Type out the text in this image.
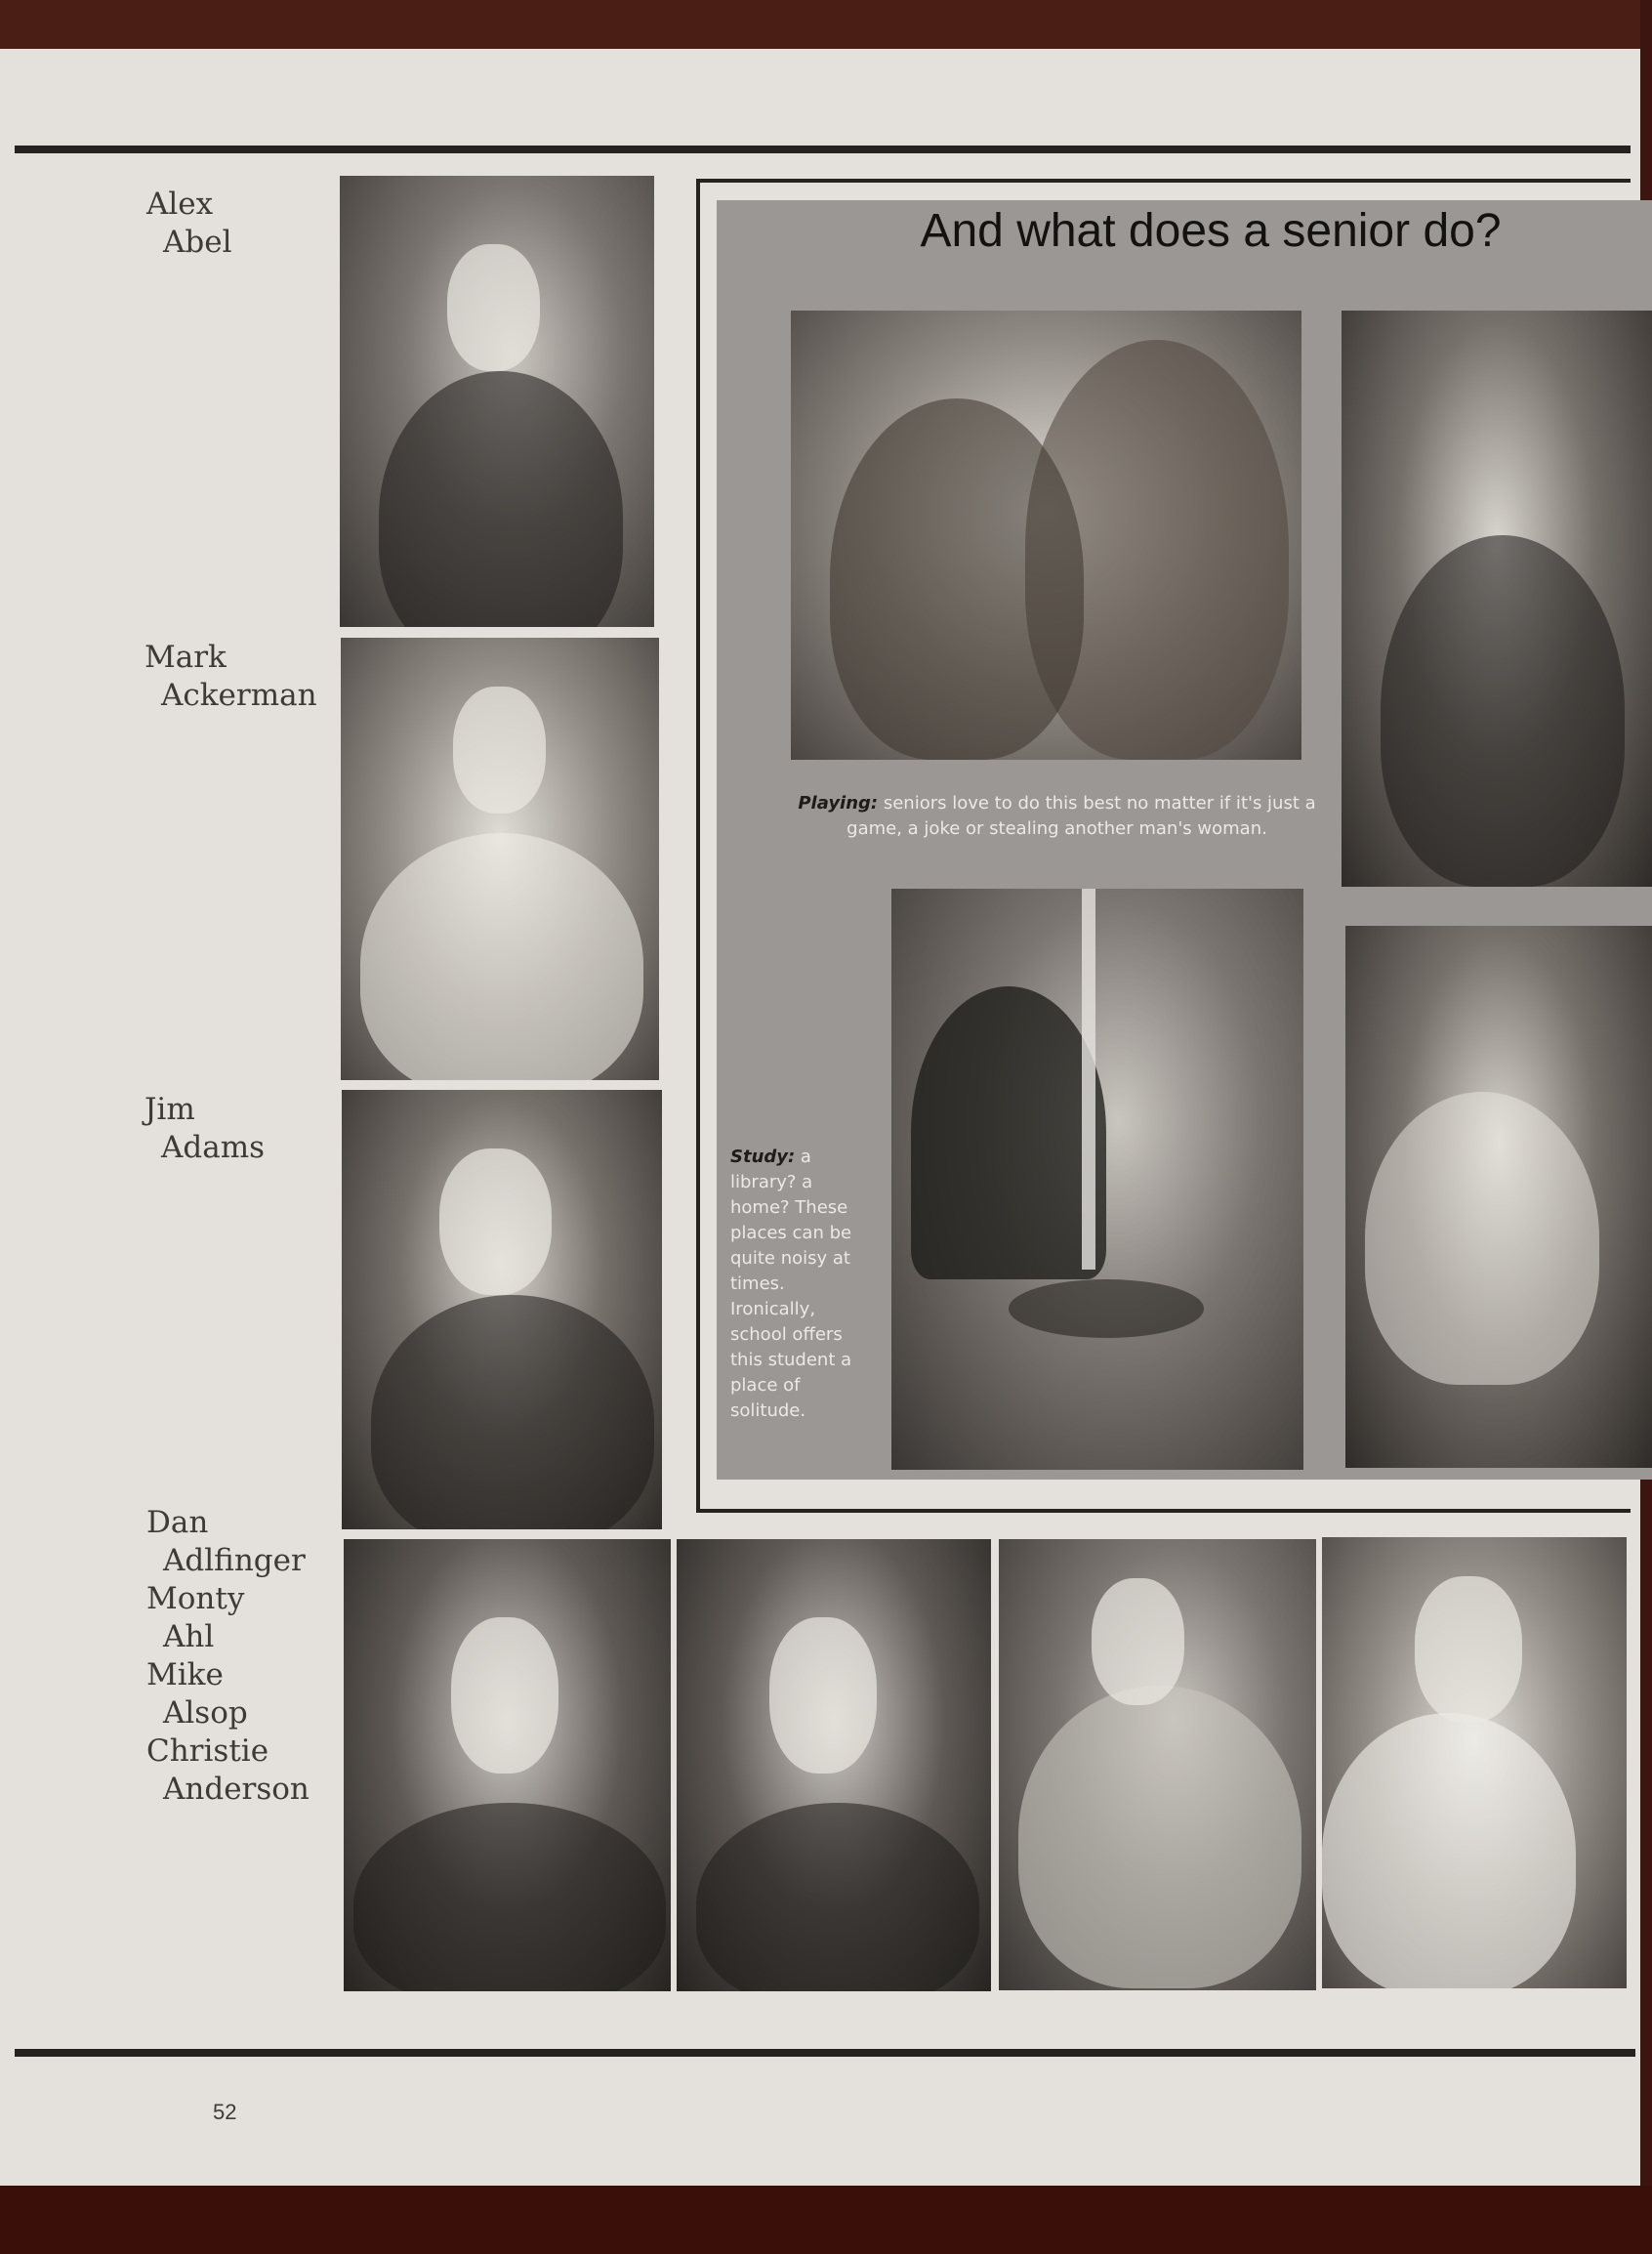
Alex
Abel
Mark
Ackerman
Jim
Adams
Dan
Adlfinger
Monty
Ahl
Mike
Alsop
Christie
Anderson
And what does a senior do?
Playing: seniors love to do this best no matter if it's just a game, a joke or stealing another man's woman.
Study: a library? a home? These places can be quite noisy at times. Ironically, school offers this student a place of solitude.
52
